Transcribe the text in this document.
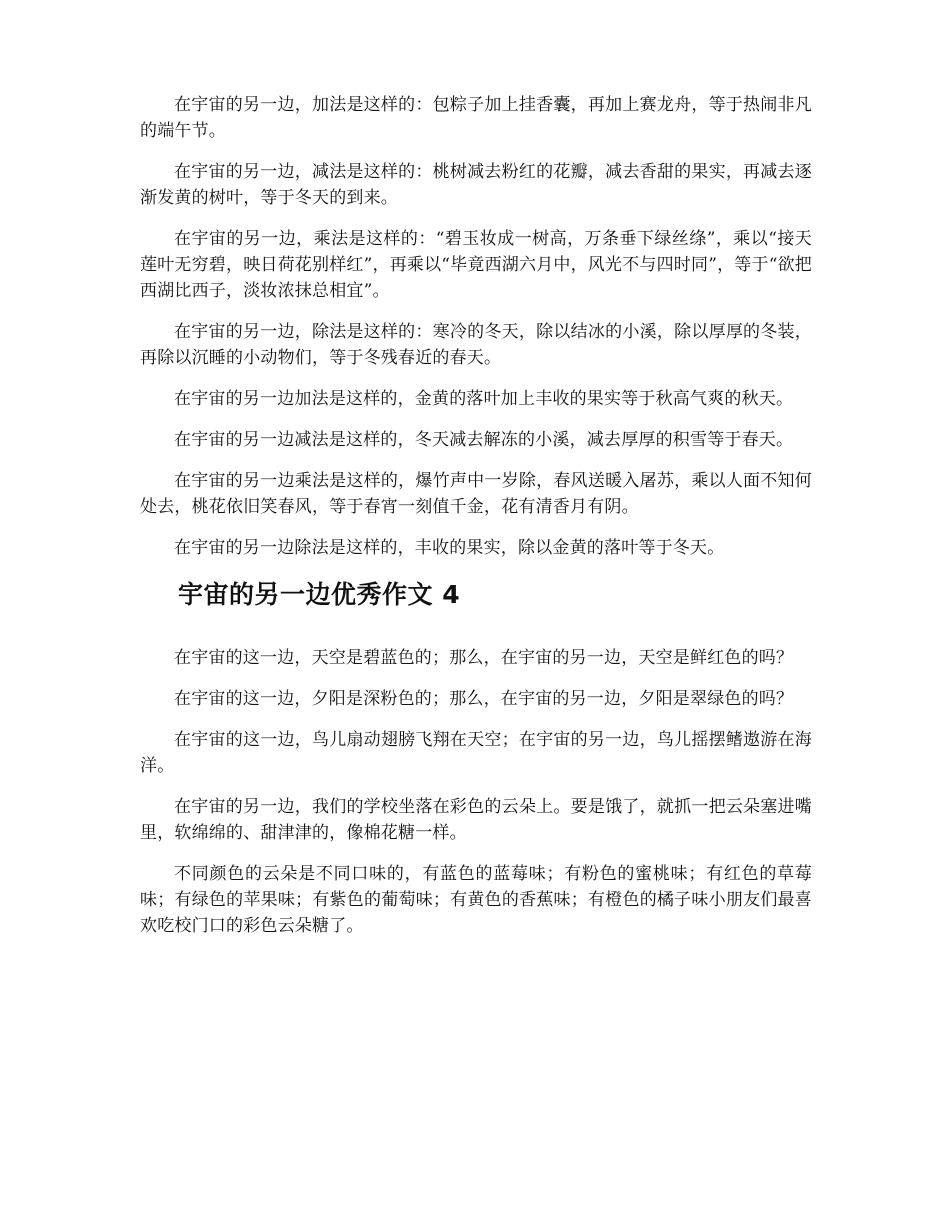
在宇宙的另一边，加法是这样的：包粽子加上挂香囊，再加上赛龙舟，等于热闹非凡的端午节。

在宇宙的另一边，减法是这样的：桃树减去粉红的花瓣，减去香甜的果实，再减去逐渐发黄的树叶，等于冬天的到来。

在宇宙的另一边，乘法是这样的：“碧玉妆成一树高，万条垂下绿丝绦”，乘以“接天莲叶无穷碧，映日荷花别样红”，再乘以“毕竟西湖六月中，风光不与四时同”，等于“欲把西湖比西子，淡妆浓抹总相宜”。

在宇宙的另一边，除法是这样的：寒冷的冬天，除以结冰的小溪，除以厚厚的冬装，再除以沉睡的小动物们，等于冬残春近的春天。

在宇宙的另一边加法是这样的，金黄的落叶加上丰收的果实等于秋高气爽的秋天。

在宇宙的另一边减法是这样的，冬天减去解冻的小溪，减去厚厚的积雪等于春天。

在宇宙的另一边乘法是这样的，爆竹声中一岁除，春风送暖入屠苏，乘以人面不知何处去，桃花依旧笑春风，等于春宵一刻值千金，花有清香月有阴。

在宇宙的另一边除法是这样的，丰收的果实，除以金黄的落叶等于冬天。

宇宙的另一边优秀作文 4

在宇宙的这一边，天空是碧蓝色的；那么，在宇宙的另一边，天空是鲜红色的吗？

在宇宙的这一边，夕阳是深粉色的；那么，在宇宙的另一边，夕阳是翠绿色的吗？

在宇宙的这一边，鸟儿扇动翅膀飞翔在天空；在宇宙的另一边，鸟儿摇摆鳍遨游在海洋。

在宇宙的另一边，我们的学校坐落在彩色的云朵上。要是饿了，就抓一把云朵塞进嘴里，软绵绵的、甜津津的，像棉花糖一样。

不同颜色的云朵是不同口味的，有蓝色的蓝莓味；有粉色的蜜桃味；有红色的草莓味；有绿色的苹果味；有紫色的葡萄味；有黄色的香蕉味；有橙色的橘子味小朋友们最喜欢吃校门口的彩色云朵糖了。
